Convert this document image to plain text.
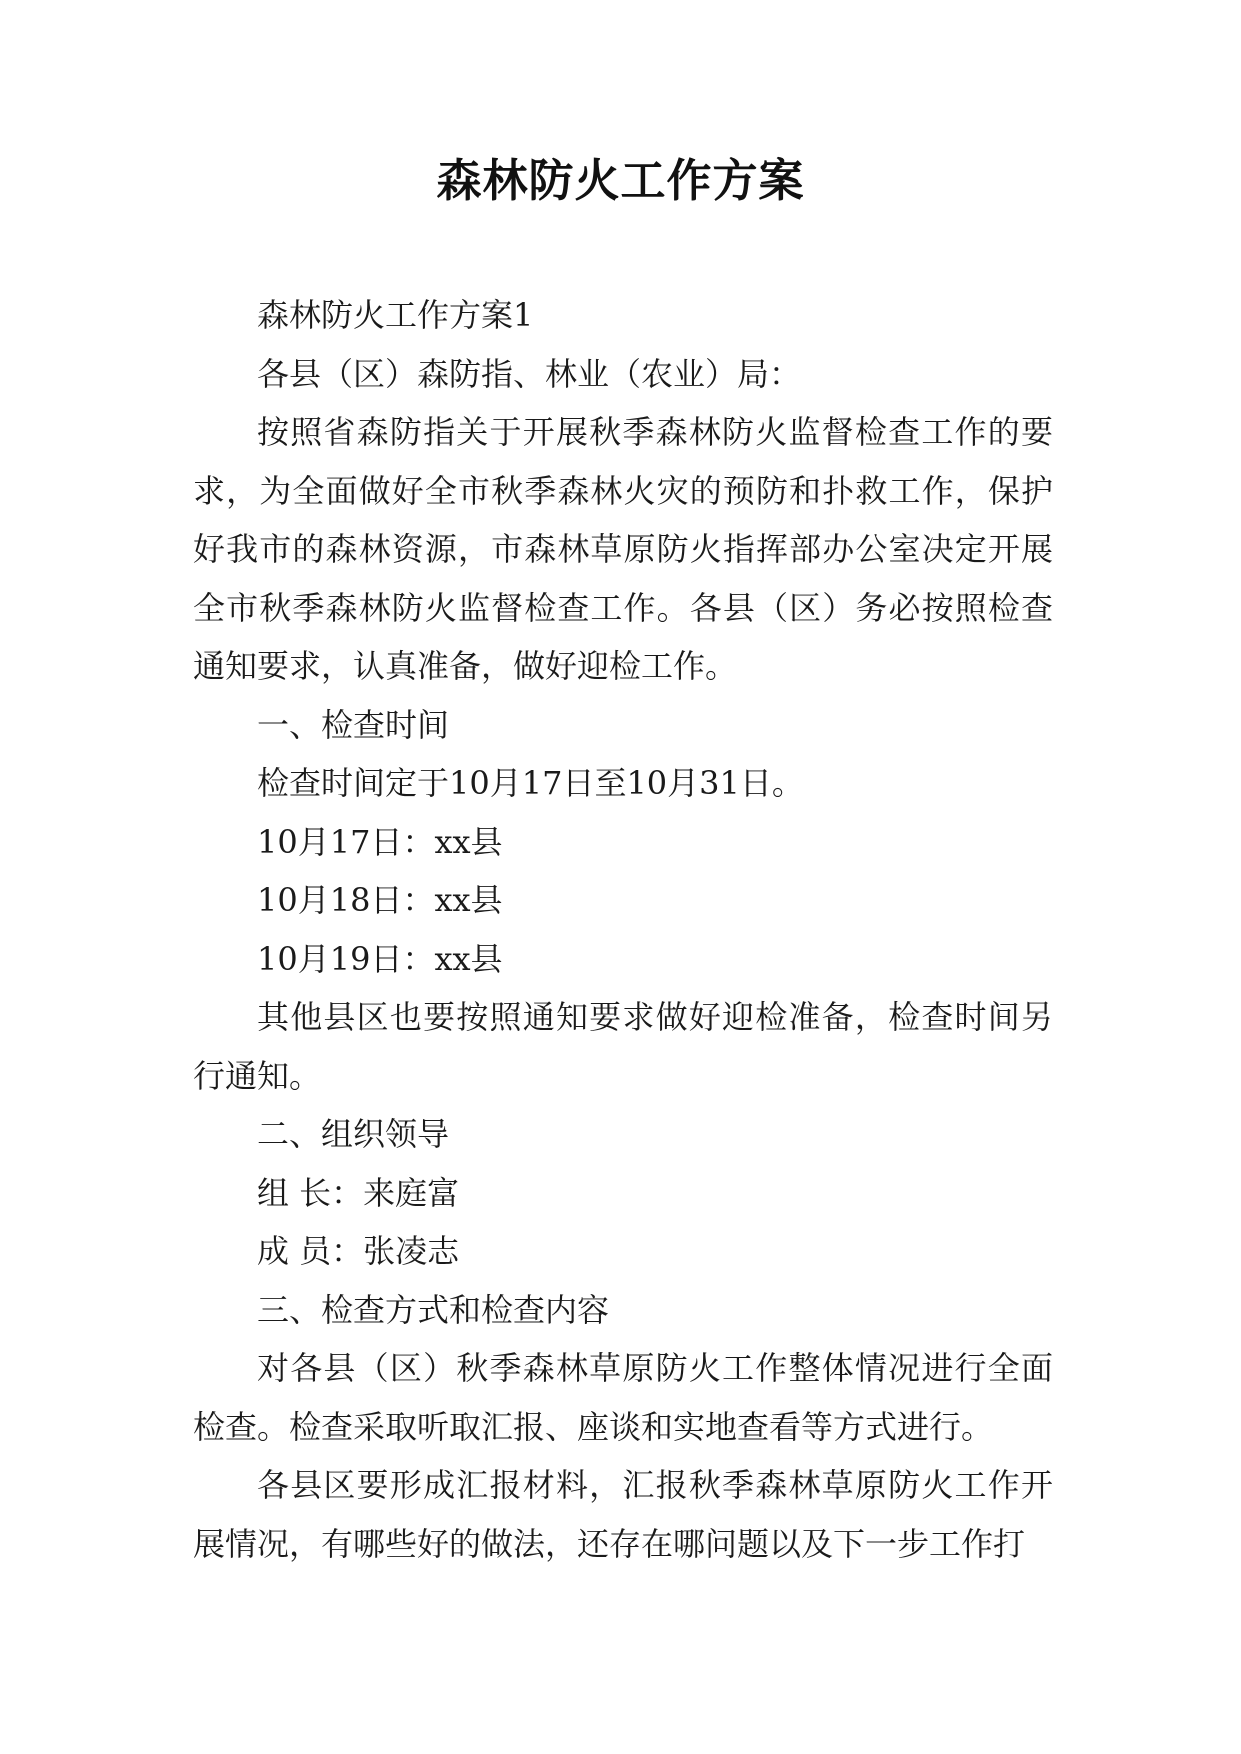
森林防火工作方案

森林防火工作方案1

各县（区）森防指、林业（农业）局：

按照省森防指关于开展秋季森林防火监督检查工作的要求，为全面做好全市秋季森林火灾的预防和扑救工作，保护好我市的森林资源，市森林草原防火指挥部办公室决定开展全市秋季森林防火监督检查工作。各县（区）务必按照检查通知要求，认真准备，做好迎检工作。

一、检查时间

检查时间定于10月17日至10月31日。

10月17日：xx县

10月18日：xx县

10月19日：xx县

其他县区也要按照通知要求做好迎检准备，检查时间另行通知。

二、组织领导

组 长：来庭富

成 员：张凌志

三、检查方式和检查内容

对各县（区）秋季森林草原防火工作整体情况进行全面检查。检查采取听取汇报、座谈和实地查看等方式进行。

各县区要形成汇报材料，汇报秋季森林草原防火工作开展情况，有哪些好的做法，还存在哪问题以及下一步工作打
